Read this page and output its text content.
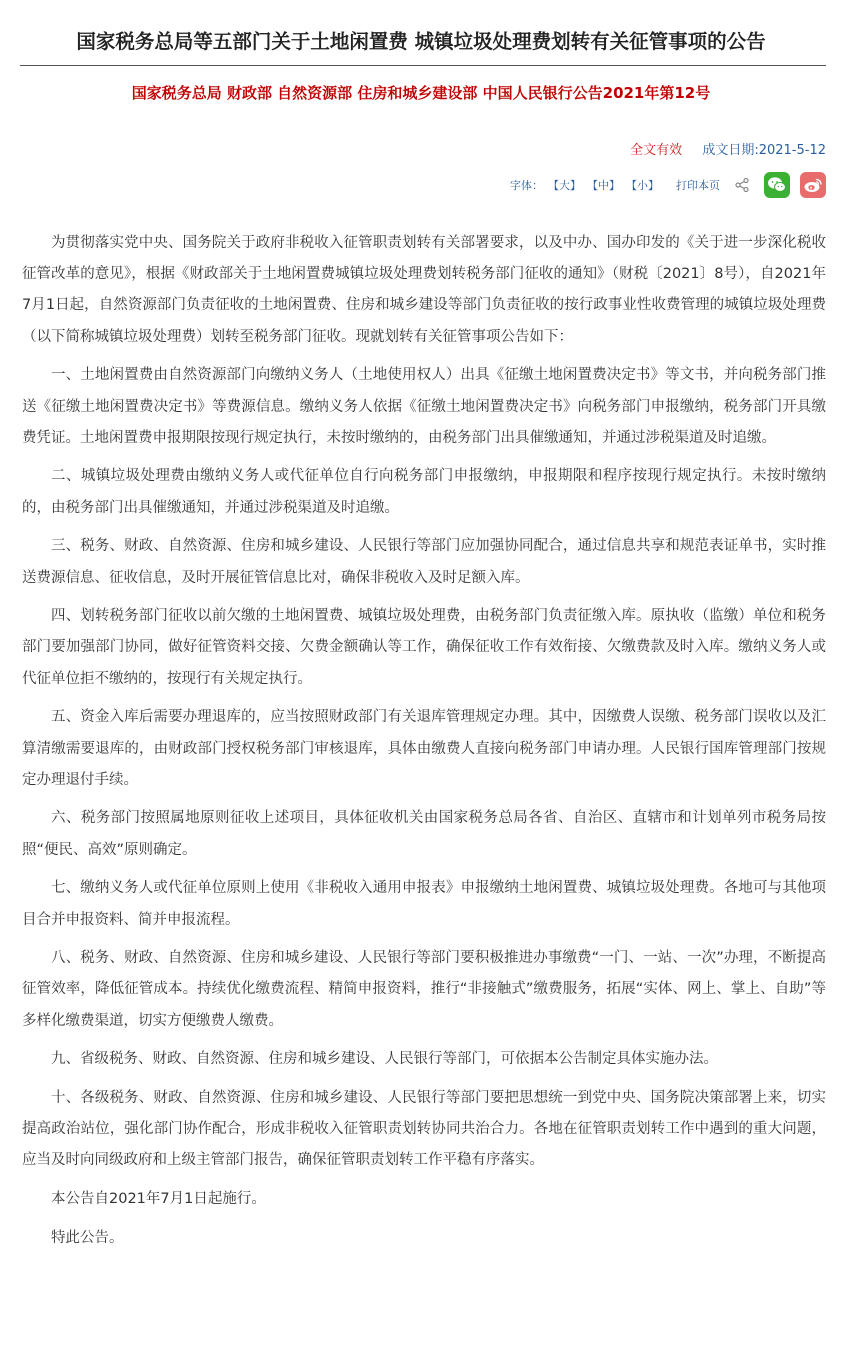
国家税务总局等五部门关于土地闲置费 城镇垃圾处理费划转有关征管事项的公告
国家税务总局 财政部 自然资源部 住房和城乡建设部 中国人民银行公告2021年第12号
全文有效 成文日期:2021-5-12
字体： 【大】 【中】 【小】 打印本页

为贯彻落实党中央、国务院关于政府非税收入征管职责划转有关部署要求，以及中办、国办印发的《关于进一步深化税收征管改革的意见》，根据《财政部关于土地闲置费城镇垃圾处理费划转税务部门征收的通知》（财税〔2021〕8号），自2021年7月1日起，自然资源部门负责征收的土地闲置费、住房和城乡建设等部门负责征收的按行政事业性收费管理的城镇垃圾处理费（以下简称城镇垃圾处理费）划转至税务部门征收。现就划转有关征管事项公告如下：

一、土地闲置费由自然资源部门向缴纳义务人（土地使用权人）出具《征缴土地闲置费决定书》等文书，并向税务部门推送《征缴土地闲置费决定书》等费源信息。缴纳义务人依据《征缴土地闲置费决定书》向税务部门申报缴纳，税务部门开具缴费凭证。土地闲置费申报期限按现行规定执行，未按时缴纳的，由税务部门出具催缴通知，并通过涉税渠道及时追缴。

二、城镇垃圾处理费由缴纳义务人或代征单位自行向税务部门申报缴纳，申报期限和程序按现行规定执行。未按时缴纳的，由税务部门出具催缴通知，并通过涉税渠道及时追缴。

三、税务、财政、自然资源、住房和城乡建设、人民银行等部门应加强协同配合，通过信息共享和规范表证单书，实时推送费源信息、征收信息，及时开展征管信息比对，确保非税收入及时足额入库。

四、划转税务部门征收以前欠缴的土地闲置费、城镇垃圾处理费，由税务部门负责征缴入库。原执收（监缴）单位和税务部门要加强部门协同，做好征管资料交接、欠费金额确认等工作，确保征收工作有效衔接、欠缴费款及时入库。缴纳义务人或代征单位拒不缴纳的，按现行有关规定执行。

五、资金入库后需要办理退库的，应当按照财政部门有关退库管理规定办理。其中，因缴费人误缴、税务部门误收以及汇算清缴需要退库的，由财政部门授权税务部门审核退库，具体由缴费人直接向税务部门申请办理。人民银行国库管理部门按规定办理退付手续。

六、税务部门按照属地原则征收上述项目，具体征收机关由国家税务总局各省、自治区、直辖市和计划单列市税务局按照“便民、高效”原则确定。

七、缴纳义务人或代征单位原则上使用《非税收入通用申报表》申报缴纳土地闲置费、城镇垃圾处理费。各地可与其他项目合并申报资料、简并申报流程。

八、税务、财政、自然资源、住房和城乡建设、人民银行等部门要积极推进办事缴费“一门、一站、一次”办理，不断提高征管效率，降低征管成本。持续优化缴费流程、精简申报资料，推行“非接触式”缴费服务，拓展“实体、网上、掌上、自助”等多样化缴费渠道，切实方便缴费人缴费。

九、省级税务、财政、自然资源、住房和城乡建设、人民银行等部门，可依据本公告制定具体实施办法。

十、各级税务、财政、自然资源、住房和城乡建设、人民银行等部门要把思想统一到党中央、国务院决策部署上来，切实提高政治站位，强化部门协作配合，形成非税收入征管职责划转协同共治合力。各地在征管职责划转工作中遇到的重大问题，应当及时向同级政府和上级主管部门报告，确保征管职责划转工作平稳有序落实。

本公告自2021年7月1日起施行。

特此公告。
